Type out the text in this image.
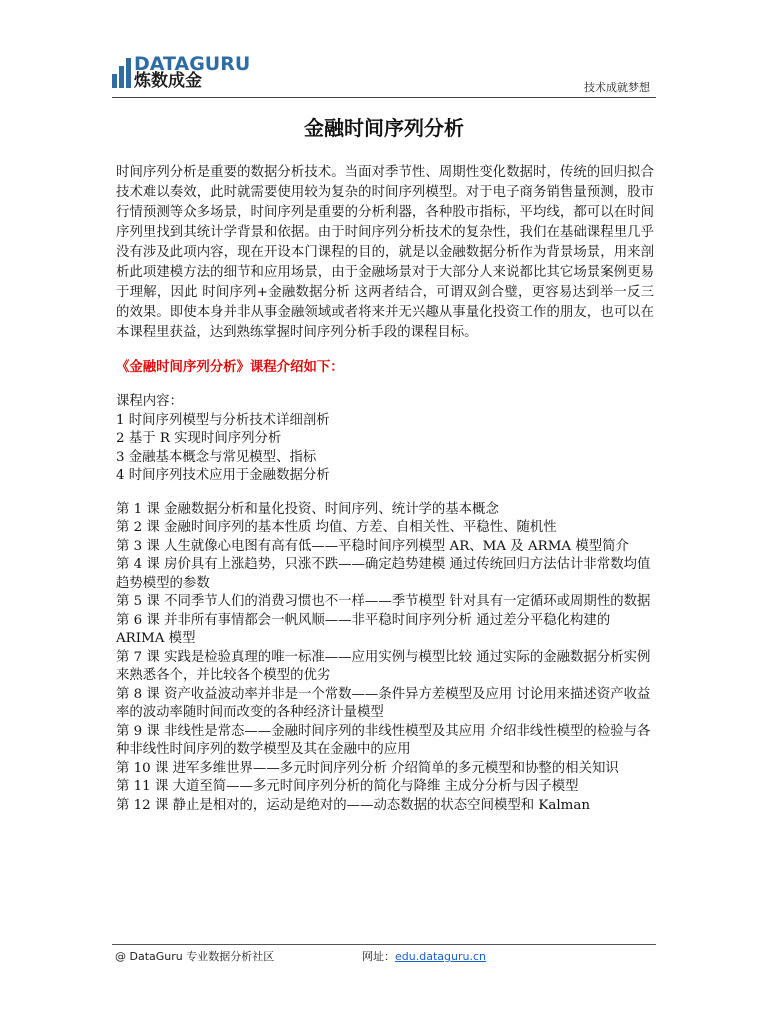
DATAGURU
炼数成金	技术成就梦想
金融时间序列分析

时间序列分析是重要的数据分析技术。当面对季节性、周期性变化数据时，传统的回归拟合技术难以奏效，此时就需要使用较为复杂的时间序列模型。对于电子商务销售量预测，股市行情预测等众多场景，时间序列是重要的分析利器，各种股市指标，平均线，都可以在时间序列里找到其统计学背景和依据。由于时间序列分析技术的复杂性，我们在基础课程里几乎没有涉及此项内容，现在开设本门课程的目的，就是以金融数据分析作为背景场景，用来剖析此项建模方法的细节和应用场景，由于金融场景对于大部分人来说都比其它场景案例更易于理解，因此 时间序列+金融数据分析 这两者结合，可谓双剑合璧，更容易达到举一反三的效果。即使本身并非从事金融领域或者将来并无兴趣从事量化投资工作的朋友，也可以在本课程里获益，达到熟练掌握时间序列分析手段的课程目标。

《金融时间序列分析》课程介绍如下：

课程内容：

1 时间序列模型与分析技术详细剖析

2 基于 R 实现时间序列分析

3 金融基本概念与常见模型、指标

4 时间序列技术应用于金融数据分析

第 1 课 金融数据分析和量化投资、时间序列、统计学的基本概念

第 2 课 金融时间序列的基本性质 均值、方差、自相关性、平稳性、随机性

第 3 课 人生就像心电图有高有低——平稳时间序列模型 AR、MA 及 ARMA 模型简介

第 4 课 房价具有上涨趋势，只涨不跌——确定趋势建模 通过传统回归方法估计非常数均值趋势模型的参数

第 5 课 不同季节人们的消费习惯也不一样——季节模型 针对具有一定循环或周期性的数据

第 6 课 并非所有事情都会一帆风顺——非平稳时间序列分析 通过差分平稳化构建的 ARIMA 模型

第 7 课 实践是检验真理的唯一标准——应用实例与模型比较 通过实际的金融数据分析实例来熟悉各个，并比较各个模型的优劣

第 8 课 资产收益波动率并非是一个常数——条件异方差模型及应用 讨论用来描述资产收益率的波动率随时间而改变的各种经济计量模型

第 9 课 非线性是常态——金融时间序列的非线性模型及其应用 介绍非线性模型的检验与各种非线性时间序列的数学模型及其在金融中的应用

第 10 课 进军多维世界——多元时间序列分析 介绍简单的多元模型和协整的相关知识

第 11 课 大道至简——多元时间序列分析的简化与降维 主成分分析与因子模型

第 12 课 静止是相对的，运动是绝对的——动态数据的状态空间模型和 Kalman

@ DataGuru 专业数据分析社区	网址：edu.dataguru.cn
